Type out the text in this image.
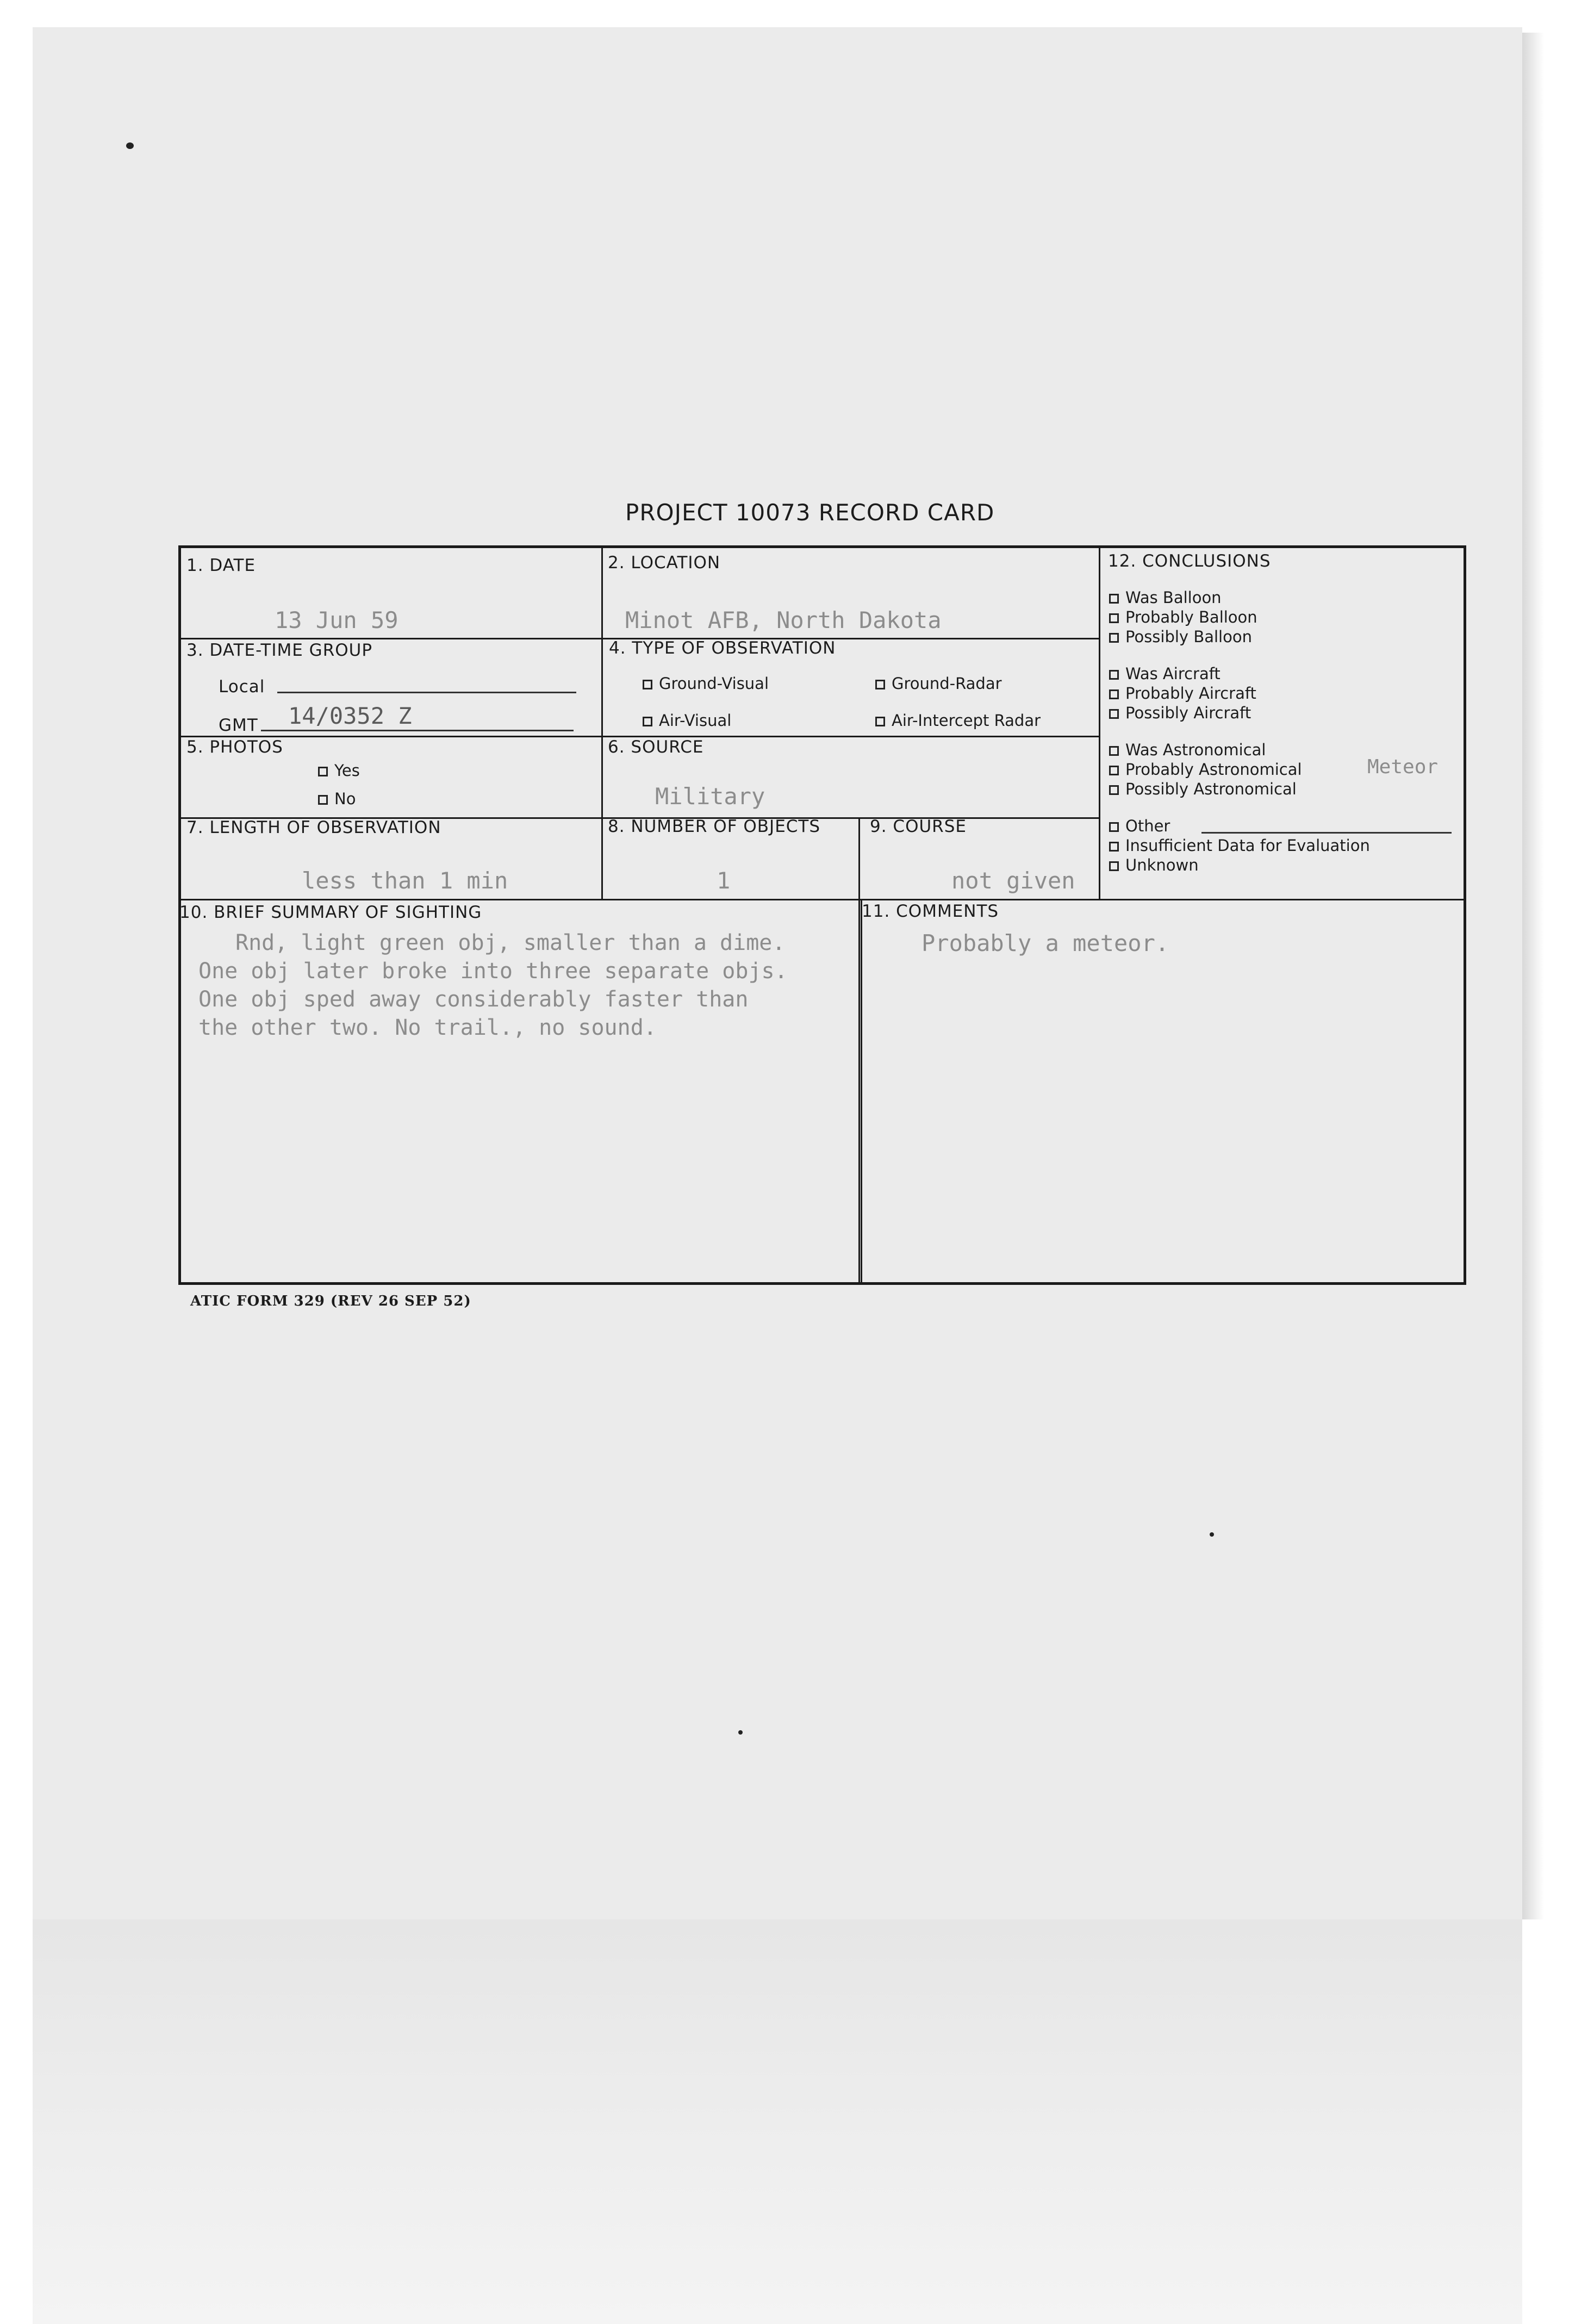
PROJECT 10073 RECORD CARD
1. DATE
13 Jun 59
2. LOCATION
Minot AFB, North Dakota
3. DATE-TIME GROUP
Local
GMT 14/0352 Z
4. TYPE OF OBSERVATION
Ground-Visual	Ground-Radar
Air-Visual	Air-Intercept Radar
5. PHOTOS
Yes
No
6. SOURCE
Military
7. LENGTH OF OBSERVATION
less than 1 min
8. NUMBER OF OBJECTS
1
9. COURSE
not given
10. BRIEF SUMMARY OF SIGHTING
Rnd, light green obj, smaller than a dime.
One obj later broke into three separate objs.
One obj sped away considerably faster than
the other two. No trail., no sound.
11. COMMENTS
Probably a meteor.
12. CONCLUSIONS
Was Balloon
Probably Balloon
Possibly Balloon
Was Aircraft
Probably Aircraft
Possibly Aircraft
Was Astronomical
Probably Astronomical	Meteor
Possibly Astronomical
Other
Insufficient Data for Evaluation
Unknown
ATIC FORM 329 (REV 26 SEP 52)
